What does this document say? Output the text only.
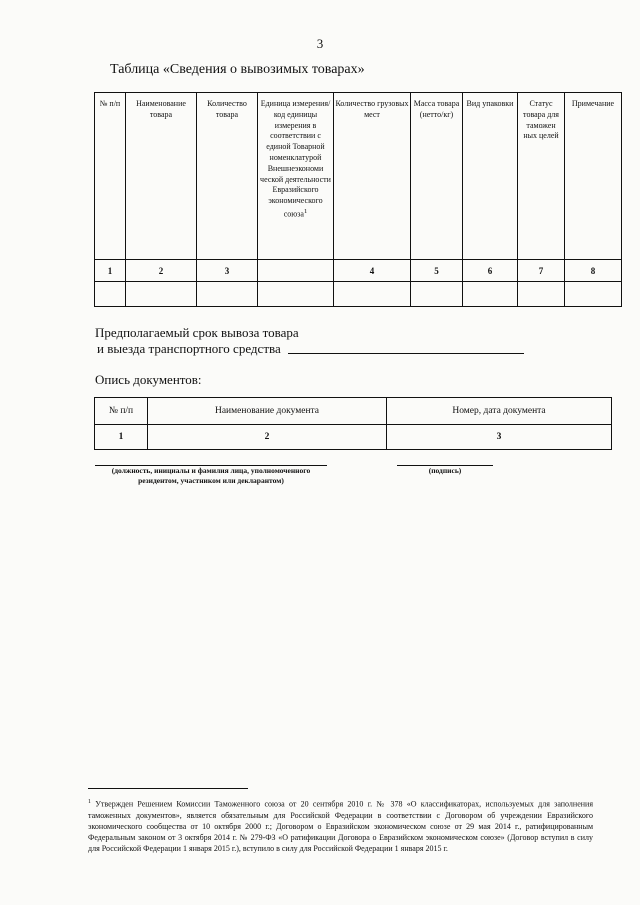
3
Таблица «Сведения о вывозимых товарах»
№ п/п	Наименование товара	Количество товара	Единица измерения/ код единицы измерения в соответствии с единой Товарной номенклатурой Внешнеэкономи ческой деятельности Евразийского экономического союза$^1$	Количество грузовых мест	Масса товара (нетто/кг)	Вид упаковки	Статус товара для таможен ных целей	Примечание
1	2	3		4	5	6	7	8

Предполагаемый срок вывоза товара
и выезда транспортного средства
Опись документов:
№ п/п	Наименование документа	Номер, дата документа
1	2	3
(должность, инициалы и фамилия лица, уполномоченного
резидентом, участником или декларантом)
(подпись)
$^1$ Утвержден Решением Комиссии Таможенного союза от 20 сентября 2010 г. № 378 «О классификаторах, используемых для заполнения таможенных документов», является обязательным для Российской Федерации в соответствии с Договором об учреждении Евразийского экономического сообщества от 10 октября 2000 г.; Договором о Евразийском экономическом союзе от 29 мая 2014 г., ратифицированным Федеральным законом от 3 октября 2014 г. № 279-ФЗ «О ратификации Договора о Евразийском экономическом союзе» (Договор вступил в силу для Российской Федерации 1 января 2015 г.), вступило в силу для Российской Федерации 1 января 2015 г.
